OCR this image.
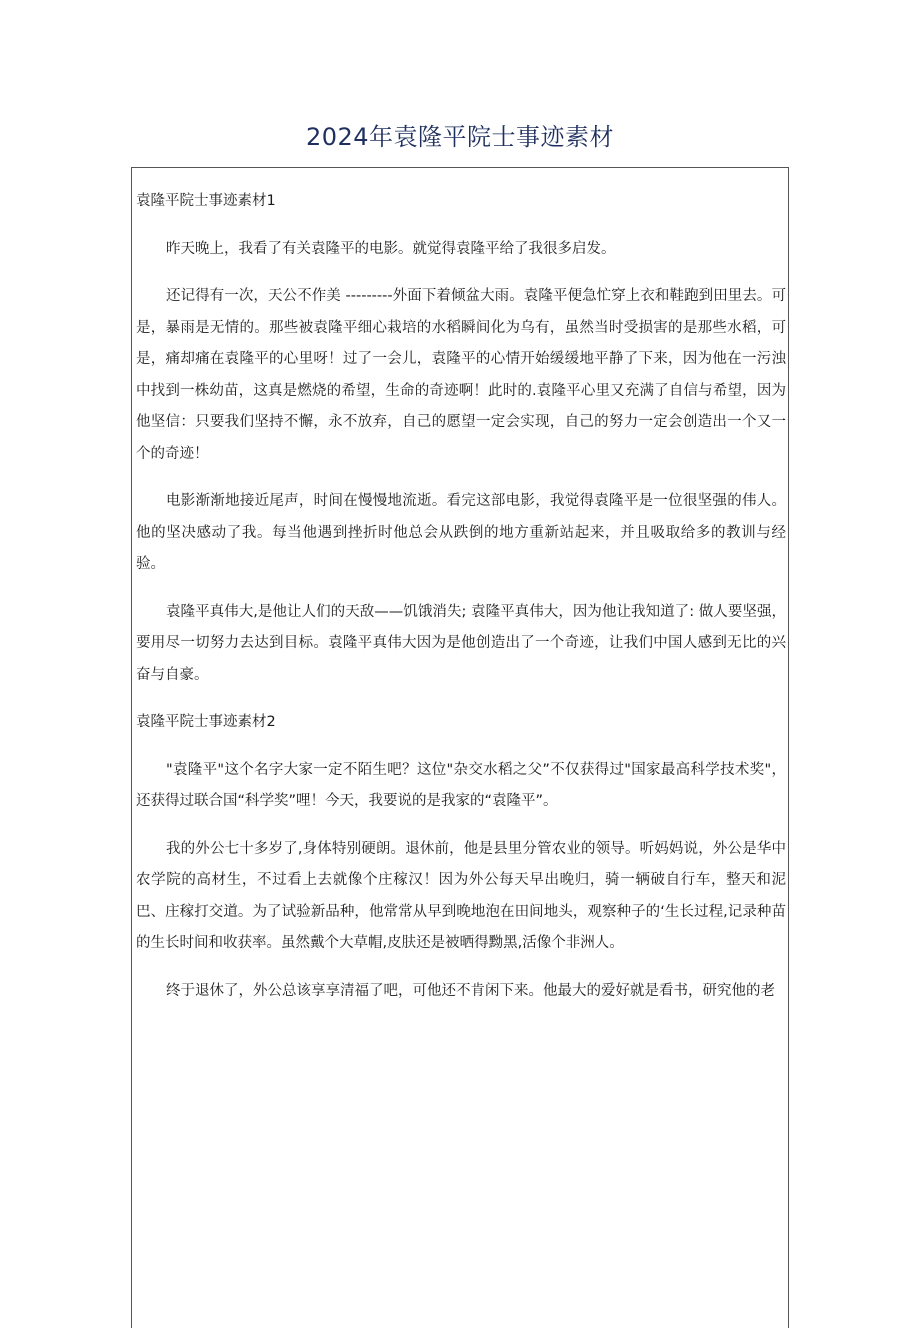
2024年袁隆平院士事迹素材

袁隆平院士事迹素材1

昨天晚上，我看了有关袁隆平的电影。就觉得袁隆平给了我很多启发。

还记得有一次，天公不作美 ---------外面下着倾盆大雨。袁隆平便急忙穿上衣和鞋跑到田里去。可是，暴雨是无情的。那些被袁隆平细心栽培的水稻瞬间化为乌有，虽然当时受损害的是那些水稻，可是，痛却痛在袁隆平的心里呀！过了一会儿，袁隆平的心情开始缓缓地平静了下来，因为他在一污浊中找到一株幼苗，这真是燃烧的希望，生命的奇迹啊！此时的.袁隆平心里又充满了自信与希望，因为他坚信：只要我们坚持不懈，永不放弃，自己的愿望一定会实现，自己的努力一定会创造出一个又一个的奇迹！

电影渐渐地接近尾声，时间在慢慢地流逝。看完这部电影，我觉得袁隆平是一位很坚强的伟人。他的坚决感动了我。每当他遇到挫折时他总会从跌倒的地方重新站起来，并且吸取给多的教训与经验。

袁隆平真伟大,是他让人们的天敌——饥饿消失; 袁隆平真伟大，因为他让我知道了: 做人要坚强，要用尽一切努力去达到目标。袁隆平真伟大因为是他创造出了一个奇迹，让我们中国人感到无比的兴奋与自豪。

袁隆平院士事迹素材2

"袁隆平"这个名字大家一定不陌生吧？这位"杂交水稻之父”不仅获得过"国家最高科学技术奖"，还获得过联合国“科学奖”哩！今天，我要说的是我家的“袁隆平”。

我的外公七十多岁了,身体特别硬朗。退休前，他是县里分管农业的领导。听妈妈说，外公是华中农学院的高材生，不过看上去就像个庄稼汉！因为外公每天早出晚归，骑一辆破自行车，整天和泥巴、庄稼打交道。为了试验新品种，他常常从早到晚地泡在田间地头，观察种子的‘生长过程,记录种苗的生长时间和收获率。虽然戴个大草帽,皮肤还是被晒得黝黑,活像个非洲人。

终于退休了，外公总该享享清福了吧，可他还不肯闲下来。他最大的爱好就是看书，研究他的老
